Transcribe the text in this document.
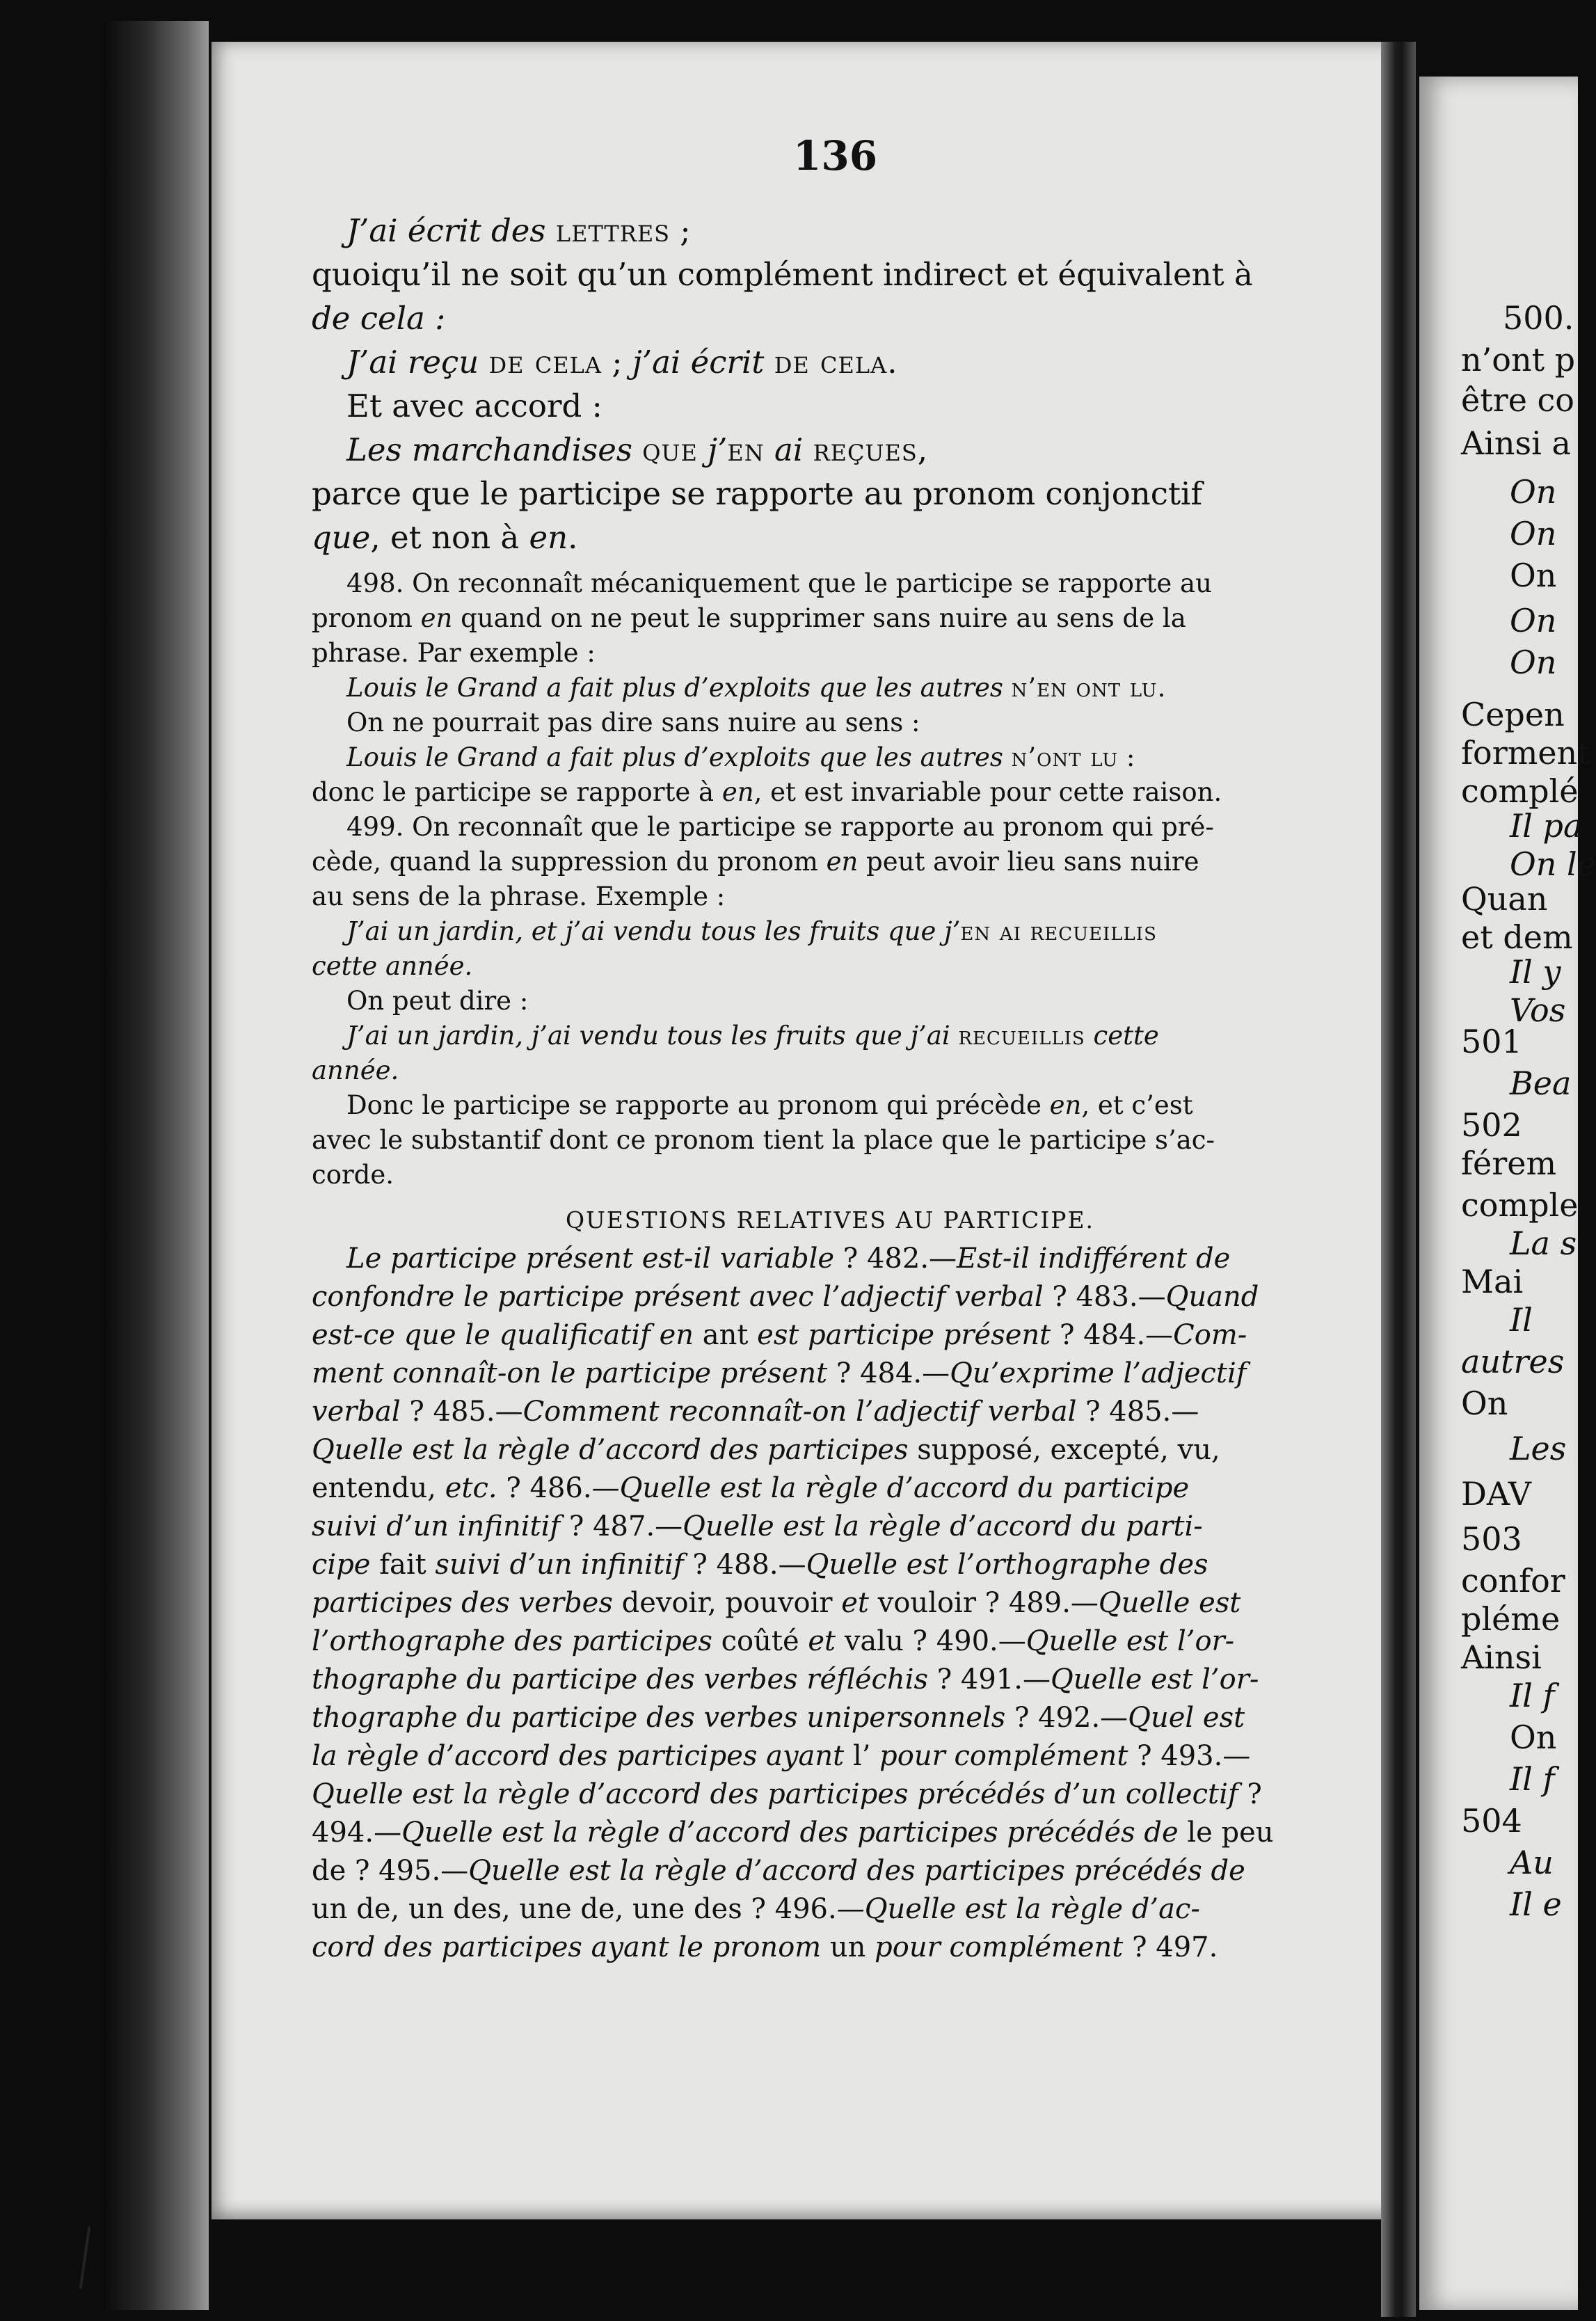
500.
n’ont p
être co
Ainsi a
On
On
On
On
On
Cepen
forment
complé
Il pa
On le
Quan
et dem
Il y
Vos
501
Bea
502
férem
comple
La s
Mai
Il
autres
On
Les
DAV
503
confor
pléme
Ainsi
Il f
On
Il f
504
Au
Il e
136
J’ai écrit des lettres ;
quoiqu’il ne soit qu’un complément indirect et équivalent à
de cela :
J’ai reçu de cela ; j’ai écrit de cela.
Et avec accord :
Les marchandises que j’en ai reçues,
parce que le participe se rapporte au pronom conjonctif
que, et non à en.
498. On reconnaît mécaniquement que le participe se rapporte au
pronom en quand on ne peut le supprimer sans nuire au sens de la
phrase. Par exemple :
Louis le Grand a fait plus d’exploits que les autres n’en ont lu.
On ne pourrait pas dire sans nuire au sens :
Louis le Grand a fait plus d’exploits que les autres n’ont lu :
donc le participe se rapporte à en, et est invariable pour cette raison.
499. On reconnaît que le participe se rapporte au pronom qui pré-
cède, quand la suppression du pronom en peut avoir lieu sans nuire
au sens de la phrase. Exemple :
J’ai un jardin, et j’ai vendu tous les fruits que j’en ai recueillis
cette année.
On peut dire :
J’ai un jardin, j’ai vendu tous les fruits que j’ai recueillis cette
année.
Donc le participe se rapporte au pronom qui précède en, et c’est
avec le substantif dont ce pronom tient la place que le participe s’ac-
corde.
QUESTIONS RELATIVES AU PARTICIPE.
Le participe présent est-il variable ? 482.—Est-il indifférent de
confondre le participe présent avec l’adjectif verbal ? 483.—Quand
est-ce que le qualificatif en ant est participe présent ? 484.—Com-
ment connaît-on le participe présent ? 484.—Qu’exprime l’adjectif
verbal ? 485.—Comment reconnaît-on l’adjectif verbal ? 485.—
Quelle est la règle d’accord des participes supposé, excepté, vu,
entendu, etc. ? 486.—Quelle est la règle d’accord du participe
suivi d’un infinitif ? 487.—Quelle est la règle d’accord du parti-
cipe fait suivi d’un infinitif ? 488.—Quelle est l’orthographe des
participes des verbes devoir, pouvoir et vouloir ? 489.—Quelle est
l’orthographe des participes coûté et valu ? 490.—Quelle est l’or-
thographe du participe des verbes réfléchis ? 491.—Quelle est l’or-
thographe du participe des verbes unipersonnels ? 492.—Quel est
la règle d’accord des participes ayant l’ pour complément ? 493.—
Quelle est la règle d’accord des participes précédés d’un collectif ?
494.—Quelle est la règle d’accord des participes précédés de le peu
de ? 495.—Quelle est la règle d’accord des participes précédés de
un de, un des, une de, une des ? 496.—Quelle est la règle d’ac-
cord des participes ayant le pronom un pour complément ? 497.
